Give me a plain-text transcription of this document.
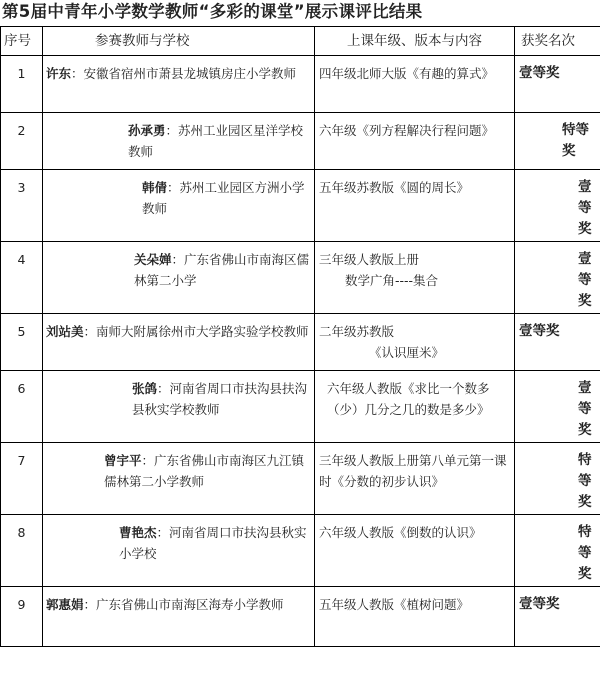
第5届中青年小学数学教师“多彩的课堂”展示课评比结果
序号	参赛教师与学校	上课年级、版本与内容	获奖名次
1	许东：安徽省宿州市萧县龙城镇房庄小学教师	四年级北师大版《有趣的算式》	壹等奖
2	孙承勇：苏州工业园区星洋学校教师	六年级《列方程解决行程问题》	特等奖

3	韩倩：苏州工业园区方洲小学教师	五年级苏教版《圆的周长》	壹等奖

4	关朵婵：广东省佛山市南海区儒林第二小学	三年级人教版上册
数学广角----集合	壹等奖

5	刘站美：南师大附属徐州市大学路实验学校教师	二年级苏教版
《认识厘米》	壹等奖
6	张鸽：河南省周口市扶沟县扶沟县秋实学校教师	六年级人教版《求比一个数多（少）几分之几的数是多少》	壹等奖

7	曾宇平：广东省佛山市南海区九江镇儒林第二小学教师	三年级人教版上册第八单元第一课时《分数的初步认识》	特等奖

8	曹艳杰：河南省周口市扶沟县秋实小学校	六年级人教版《倒数的认识》	特等奖

9	郭惠娟：广东省佛山市南海区海寿小学教师	五年级人教版《植树问题》	壹等奖
